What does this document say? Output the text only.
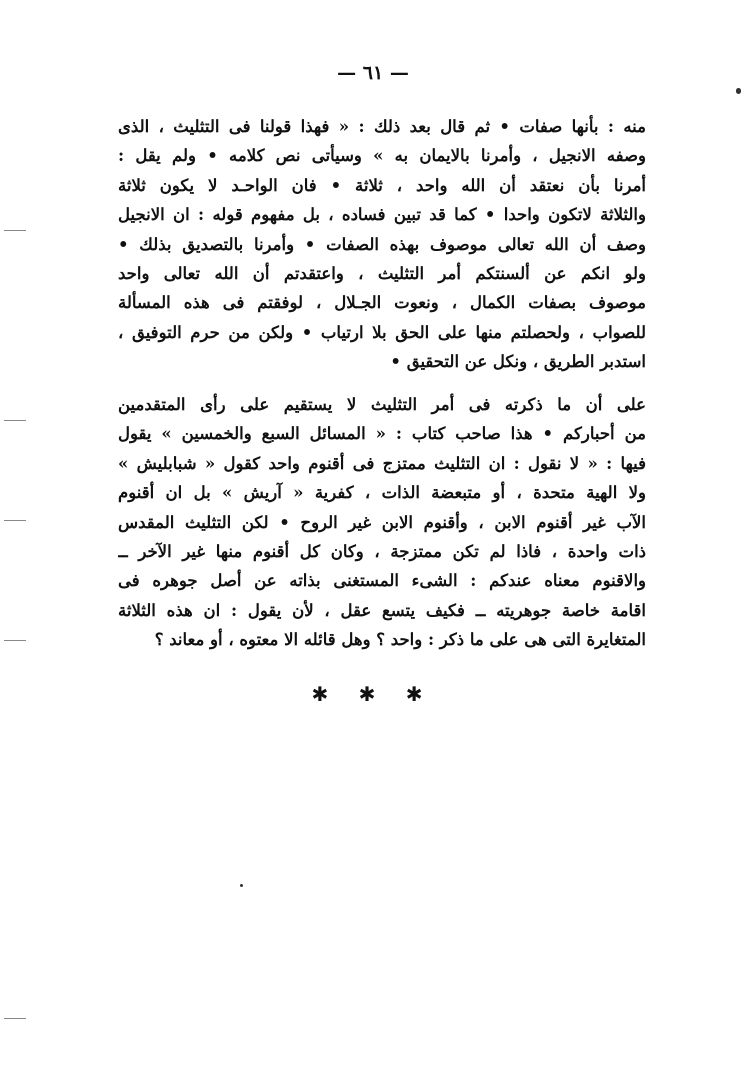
— ٦١ —
منه : بأنها صفات • ثم قال بعد ذلك : « فهذا قولنا فى التثليث ، الذى
وصفه الانجيل ، وأمرنا بالايمان به » وسيأتى نص كلامه • ولم يقل :
أمرنا بأن نعتقد أن الله واحد ، ثلاثة • فان الواحـد لا يكون ثلاثة
والثلاثة لاتكون واحدا • كما قد تبين فساده ، بل مفهوم قوله : ان الانجيل
وصف أن الله تعالى موصوف بهذه الصفات • وأمرنا بالتصديق بذلك •
ولو انكم عن ألسنتكم أمر التثليث ، واعتقدتم أن الله تعالى واحد
موصوف بصفات الكمال ، ونعوت الجـلال ، لوفقتم فى هذه المسألة
للصواب ، ولحصلتم منها على الحق بلا ارتياب • ولكن من حرم التوفيق ،
استدبر الطريق ، ونكل عن التحقيق •
على أن ما ذكرته فى أمر التثليث لا يستقيم على رأى المتقدمين
من أحباركم • هذا صاحب كتاب : « المسائل السبع والخمسين » يقول
فيها : « لا نقول : ان التثليث ممتزج فى أقنوم واحد كقول « شبابليش »
ولا الهية متحدة ، أو متبعضة الذات ، كفرية « آريش » بل ان أقنوم
الآب غير أقنوم الابن ، وأقنوم الابن غير الروح • لكن التثليث المقدس
ذات واحدة ، فاذا لم تكن ممتزجة ، وكان كل أقنوم منها غير الآخر ــ
والاقنوم معناه عندكم : الشىء المستغنى بذاته عن أصل جوهره فى
اقامة خاصة جوهريته ــ فكيف يتسع عقل ، لأن يقول : ان هذه الثلاثة
المتغايرة التى هى على ما ذكر : واحد ؟ وهل قائله الا معتوه ، أو معاند ؟
✱ ✱ ✱
